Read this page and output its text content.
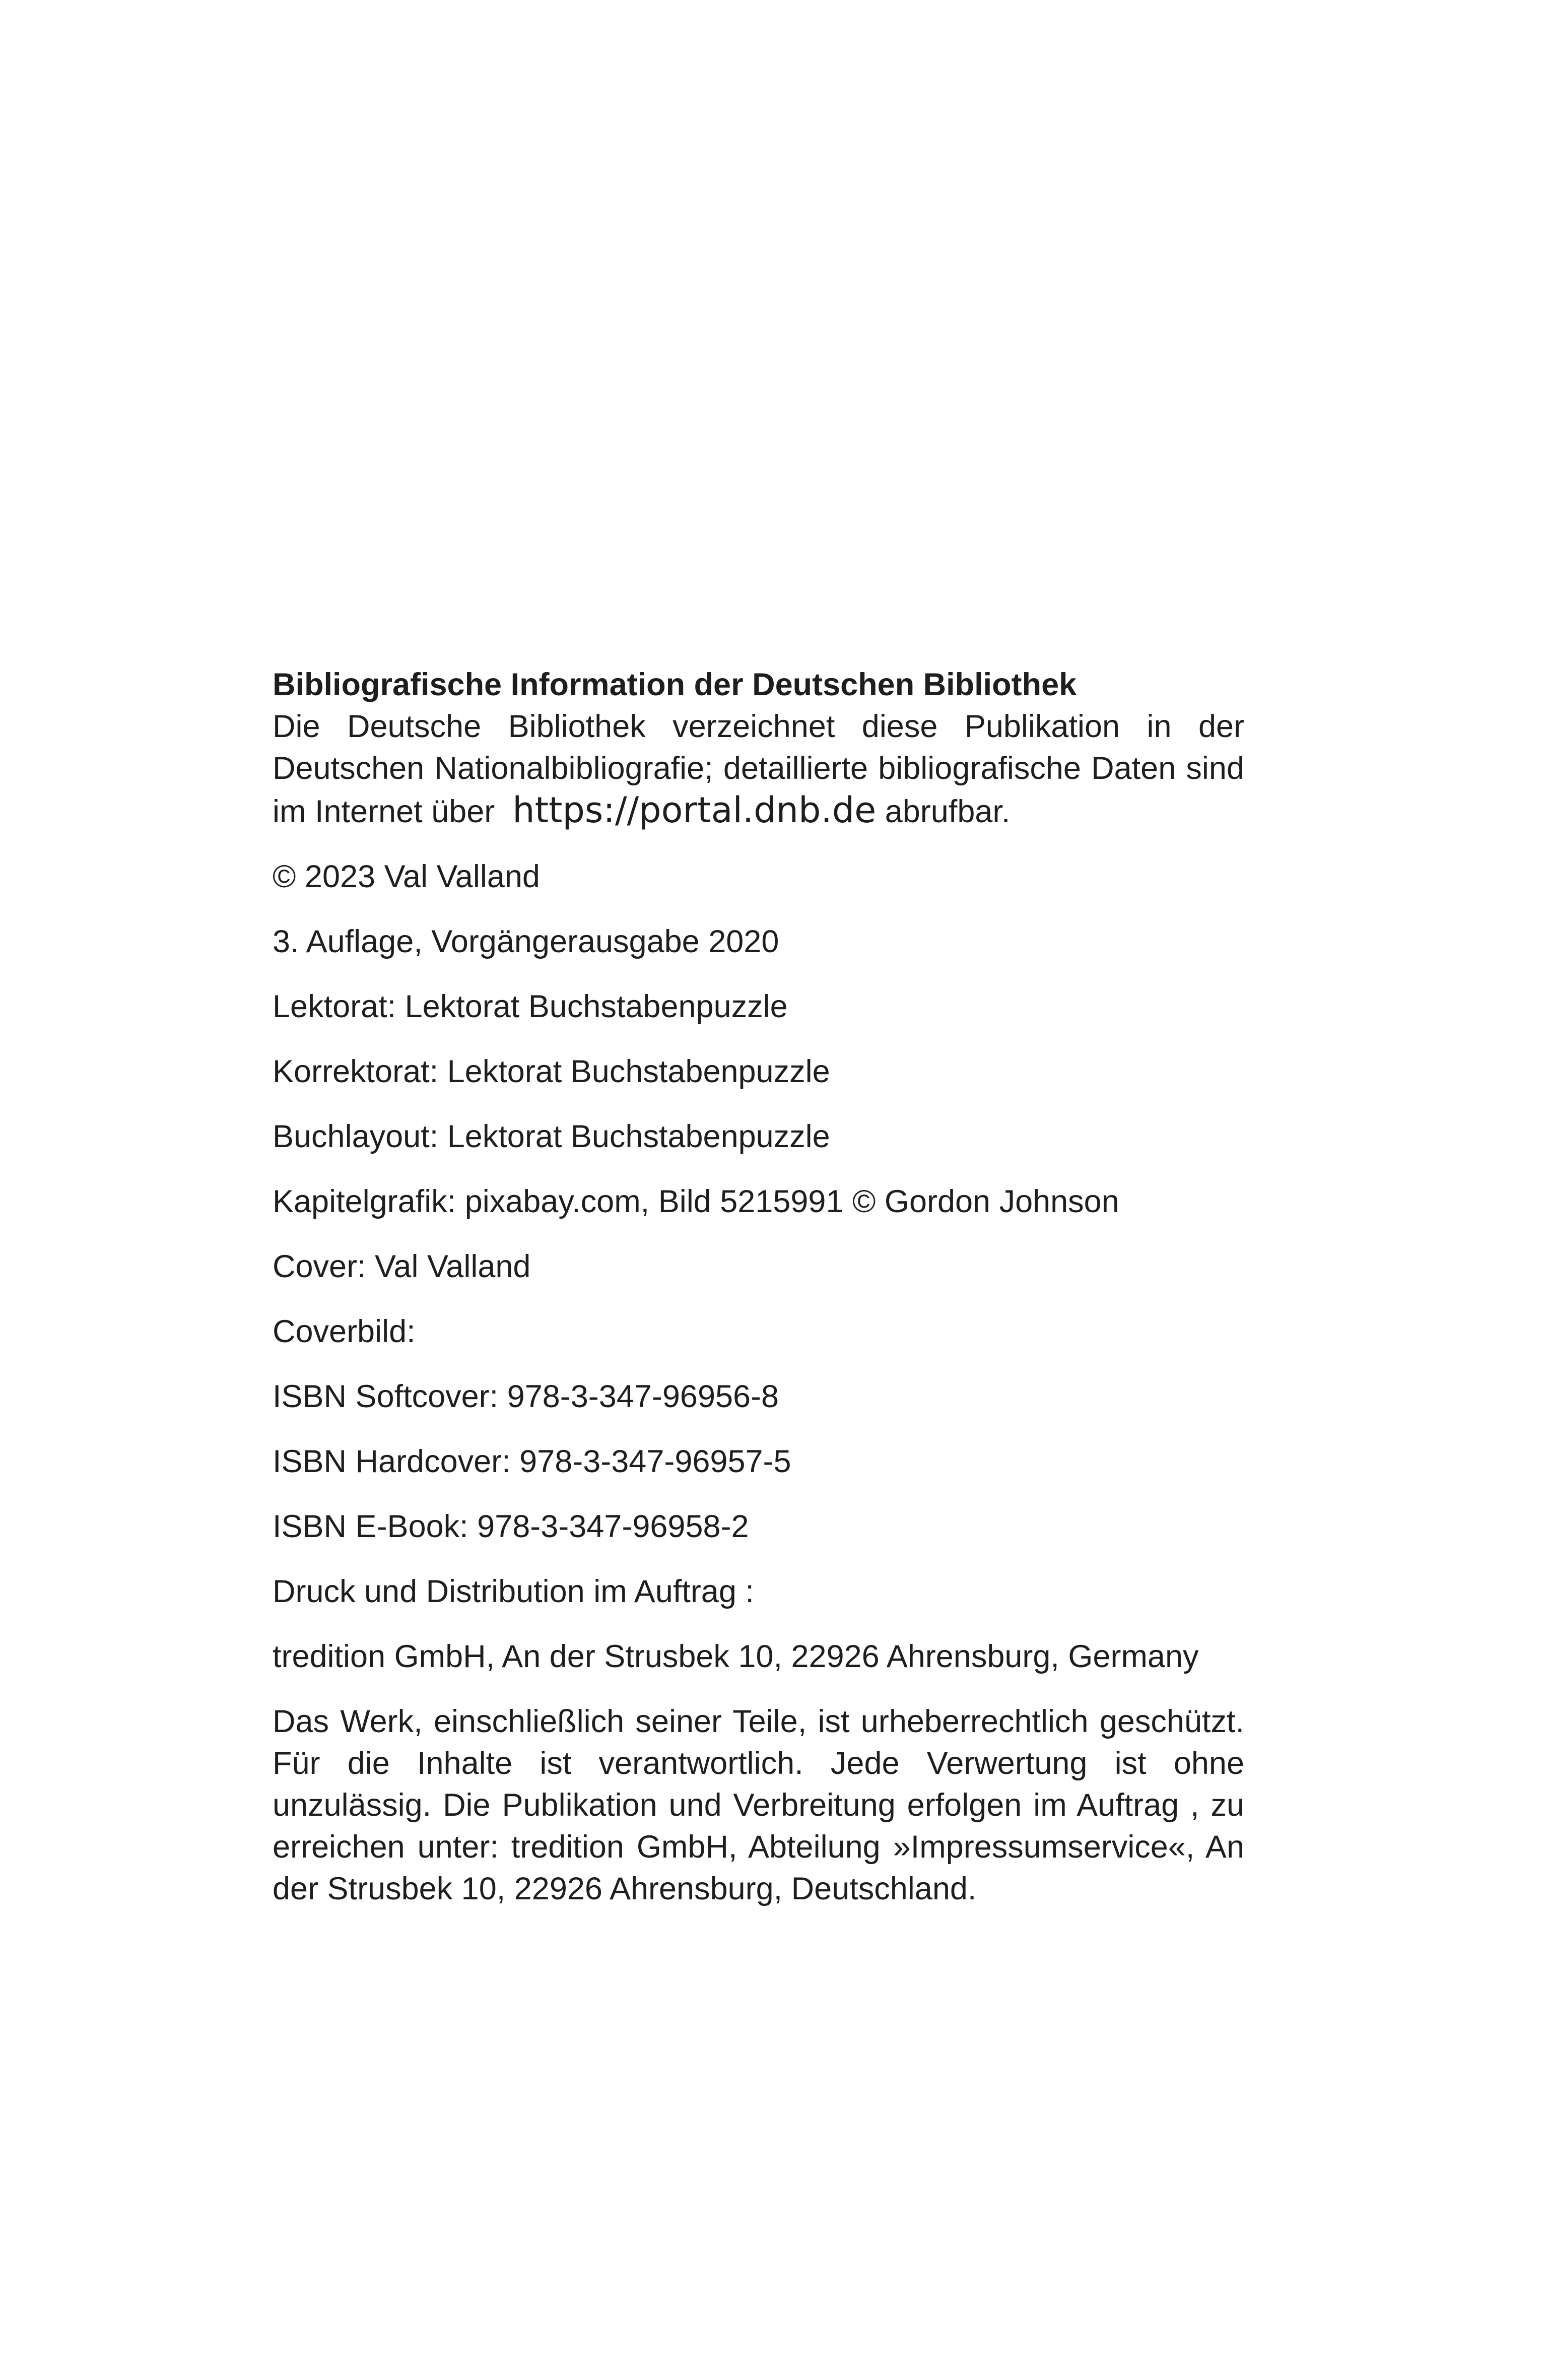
Bibliografische Information der Deutschen Bibliothek

Die Deutsche Bibliothek verzeichnet diese Publikation in der Deutschen Nationalbibliografie; detaillierte bibliografische Daten sind im Internet über https://portal.dnb.de abrufbar.

© 2023 Val Valland

3. Auflage, Vorgängerausgabe 2020

Lektorat: Lektorat Buchstabenpuzzle

Korrektorat: Lektorat Buchstabenpuzzle

Buchlayout: Lektorat Buchstabenpuzzle

Kapitelgrafik: pixabay.com, Bild 5215991 © Gordon Johnson

Cover: Val Valland

Coverbild:

ISBN Softcover: 978-3-347-96956-8

ISBN Hardcover: 978-3-347-96957-5

ISBN E-Book: 978-3-347-96958-2

Druck und Distribution im Auftrag :

tredition GmbH, An der Strusbek 10, 22926 Ahrensburg, Germany

Das Werk, einschließlich seiner Teile, ist urheberrechtlich geschützt. Für die Inhalte ist verantwortlich. Jede Verwertung ist ohne unzulässig. Die Publikation und Verbreitung erfolgen im Auftrag , zu erreichen unter: tredition GmbH, Abteilung »Impressumservice«, An der Strusbek 10, 22926 Ahrensburg, Deutschland.
